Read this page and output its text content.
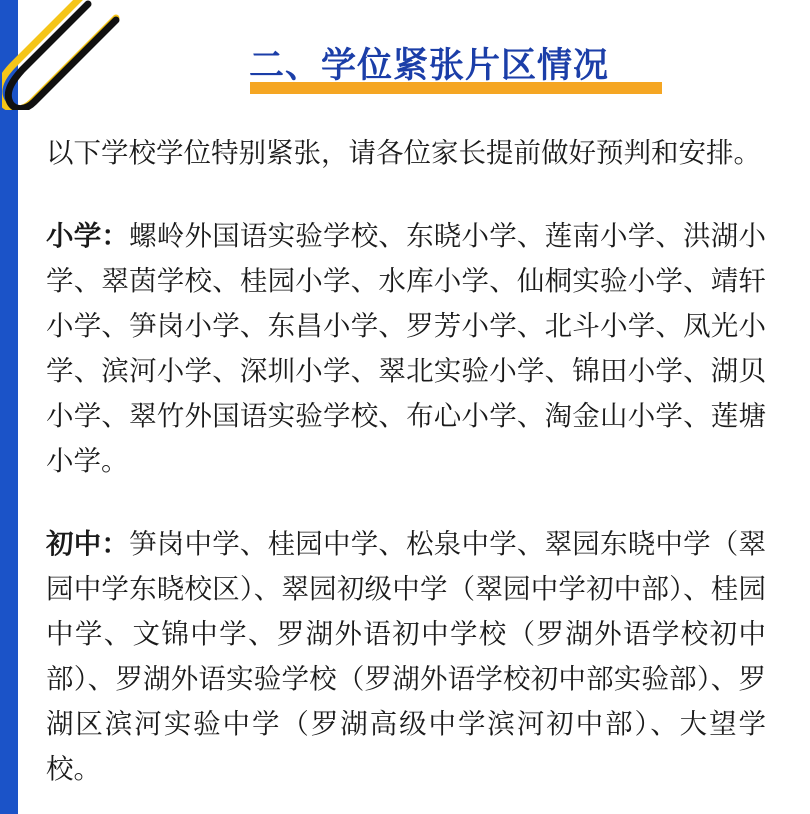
二、学位紧张片区情况

以下学校学位特别紧张，请各位家长提前做好预判和安排。

小学：螺岭外国语实验学校、东晓小学、莲南小学、洪湖小学、翠茵学校、桂园小学、水库小学、仙桐实验小学、靖轩小学、笋岗小学、东昌小学、罗芳小学、北斗小学、凤光小学、滨河小学、深圳小学、翠北实验小学、锦田小学、湖贝小学、翠竹外国语实验学校、布心小学、淘金山小学、莲塘小学。

初中：笋岗中学、桂园中学、松泉中学、翠园东晓中学（翠园中学东晓校区）、翠园初级中学（翠园中学初中部）、桂园中学、文锦中学、罗湖外语初中学校（罗湖外语学校初中部）、罗湖外语实验学校（罗湖外语学校初中部实验部）、罗湖区滨河实验中学（罗湖高级中学滨河初中部）、大望学校。
